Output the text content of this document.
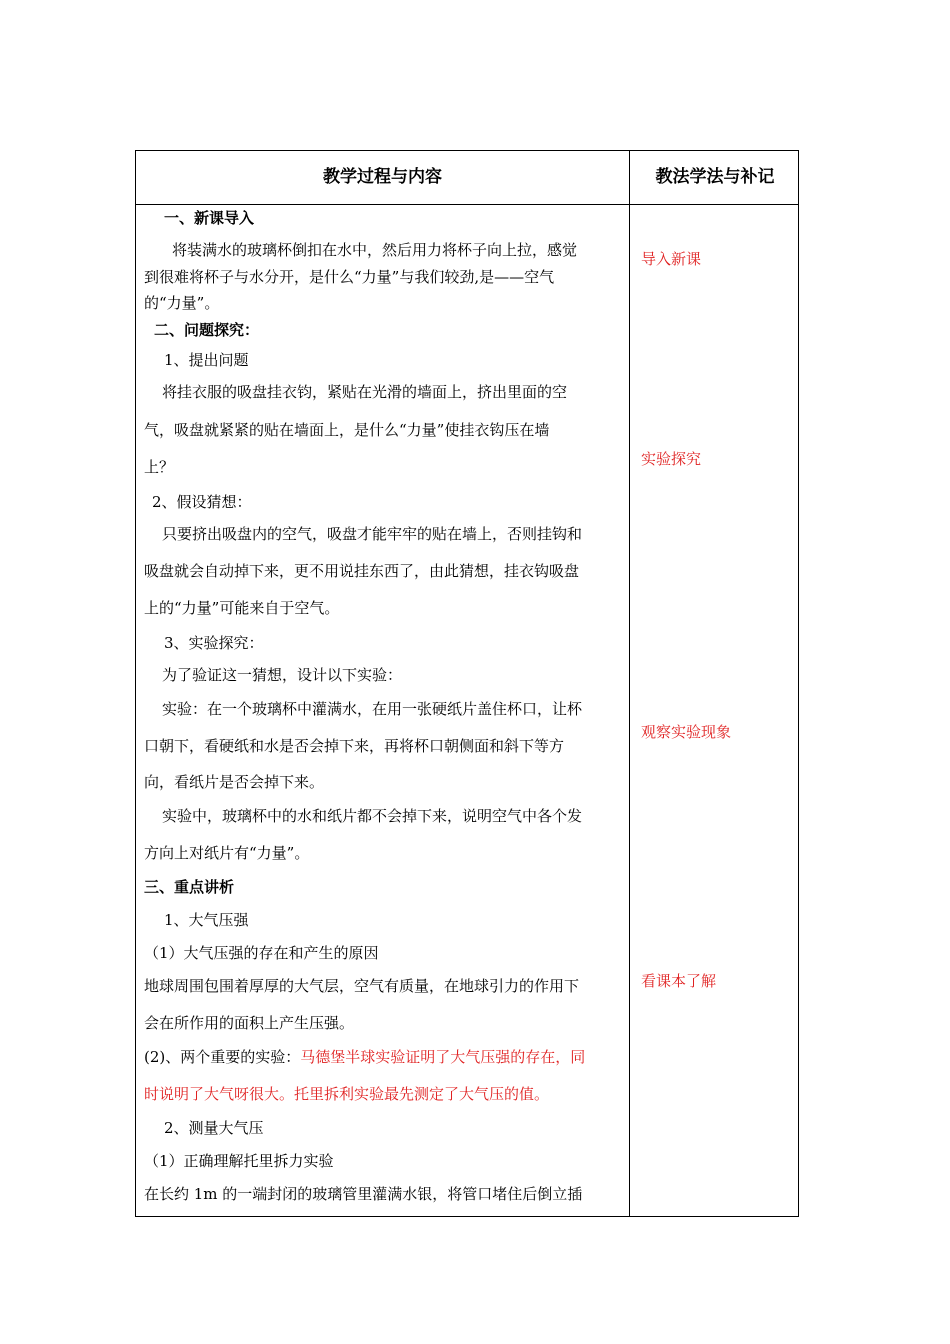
教学过程与内容	教法学法与补记
一、新课导入
将装满水的玻璃杯倒扣在水中，然后用力将杯子向上拉，感觉
到很难将杯子与水分开，是什么“力量”与我们较劲,是——空气
的“力量”。
二、问题探究：
1、提出问题
将挂衣服的吸盘挂衣钧，紧贴在光滑的墙面上，挤出里面的空
气，吸盘就紧紧的贴在墙面上，是什么“力量”使挂衣钩压在墙
上？
2、假设猜想：
只要挤出吸盘内的空气，吸盘才能牢牢的贴在墙上，否则挂钩和
吸盘就会自动掉下来，更不用说挂东西了，由此猜想，挂衣钩吸盘
上的“力量”可能来自于空气。
3、实验探究：
为了验证这一猜想，设计以下实验：
实验：在一个玻璃杯中灌满水，在用一张硬纸片盖住杯口，让杯
口朝下，看硬纸和水是否会掉下来，再将杯口朝侧面和斜下等方
向，看纸片是否会掉下来。
实验中，玻璃杯中的水和纸片都不会掉下来，说明空气中各个发
方向上对纸片有“力量”。
三、重点讲析
1、大气压强
（1）大气压强的存在和产生的原因
地球周围包围着厚厚的大气层，空气有质量，在地球引力的作用下
会在所作用的面积上产生压强。
(2)、两个重要的实验：马德堡半球实验证明了大气压强的存在，同
时说明了大气呀很大。托里拆利实验最先测定了大气压的值。
2、测量大气压
（1）正确理解托里拆力实验
在长约 1m 的一端封闭的玻璃管里灌满水银，将管口堵住后倒立插
导入新课
实验探究
观察实验现象
看课本了解
